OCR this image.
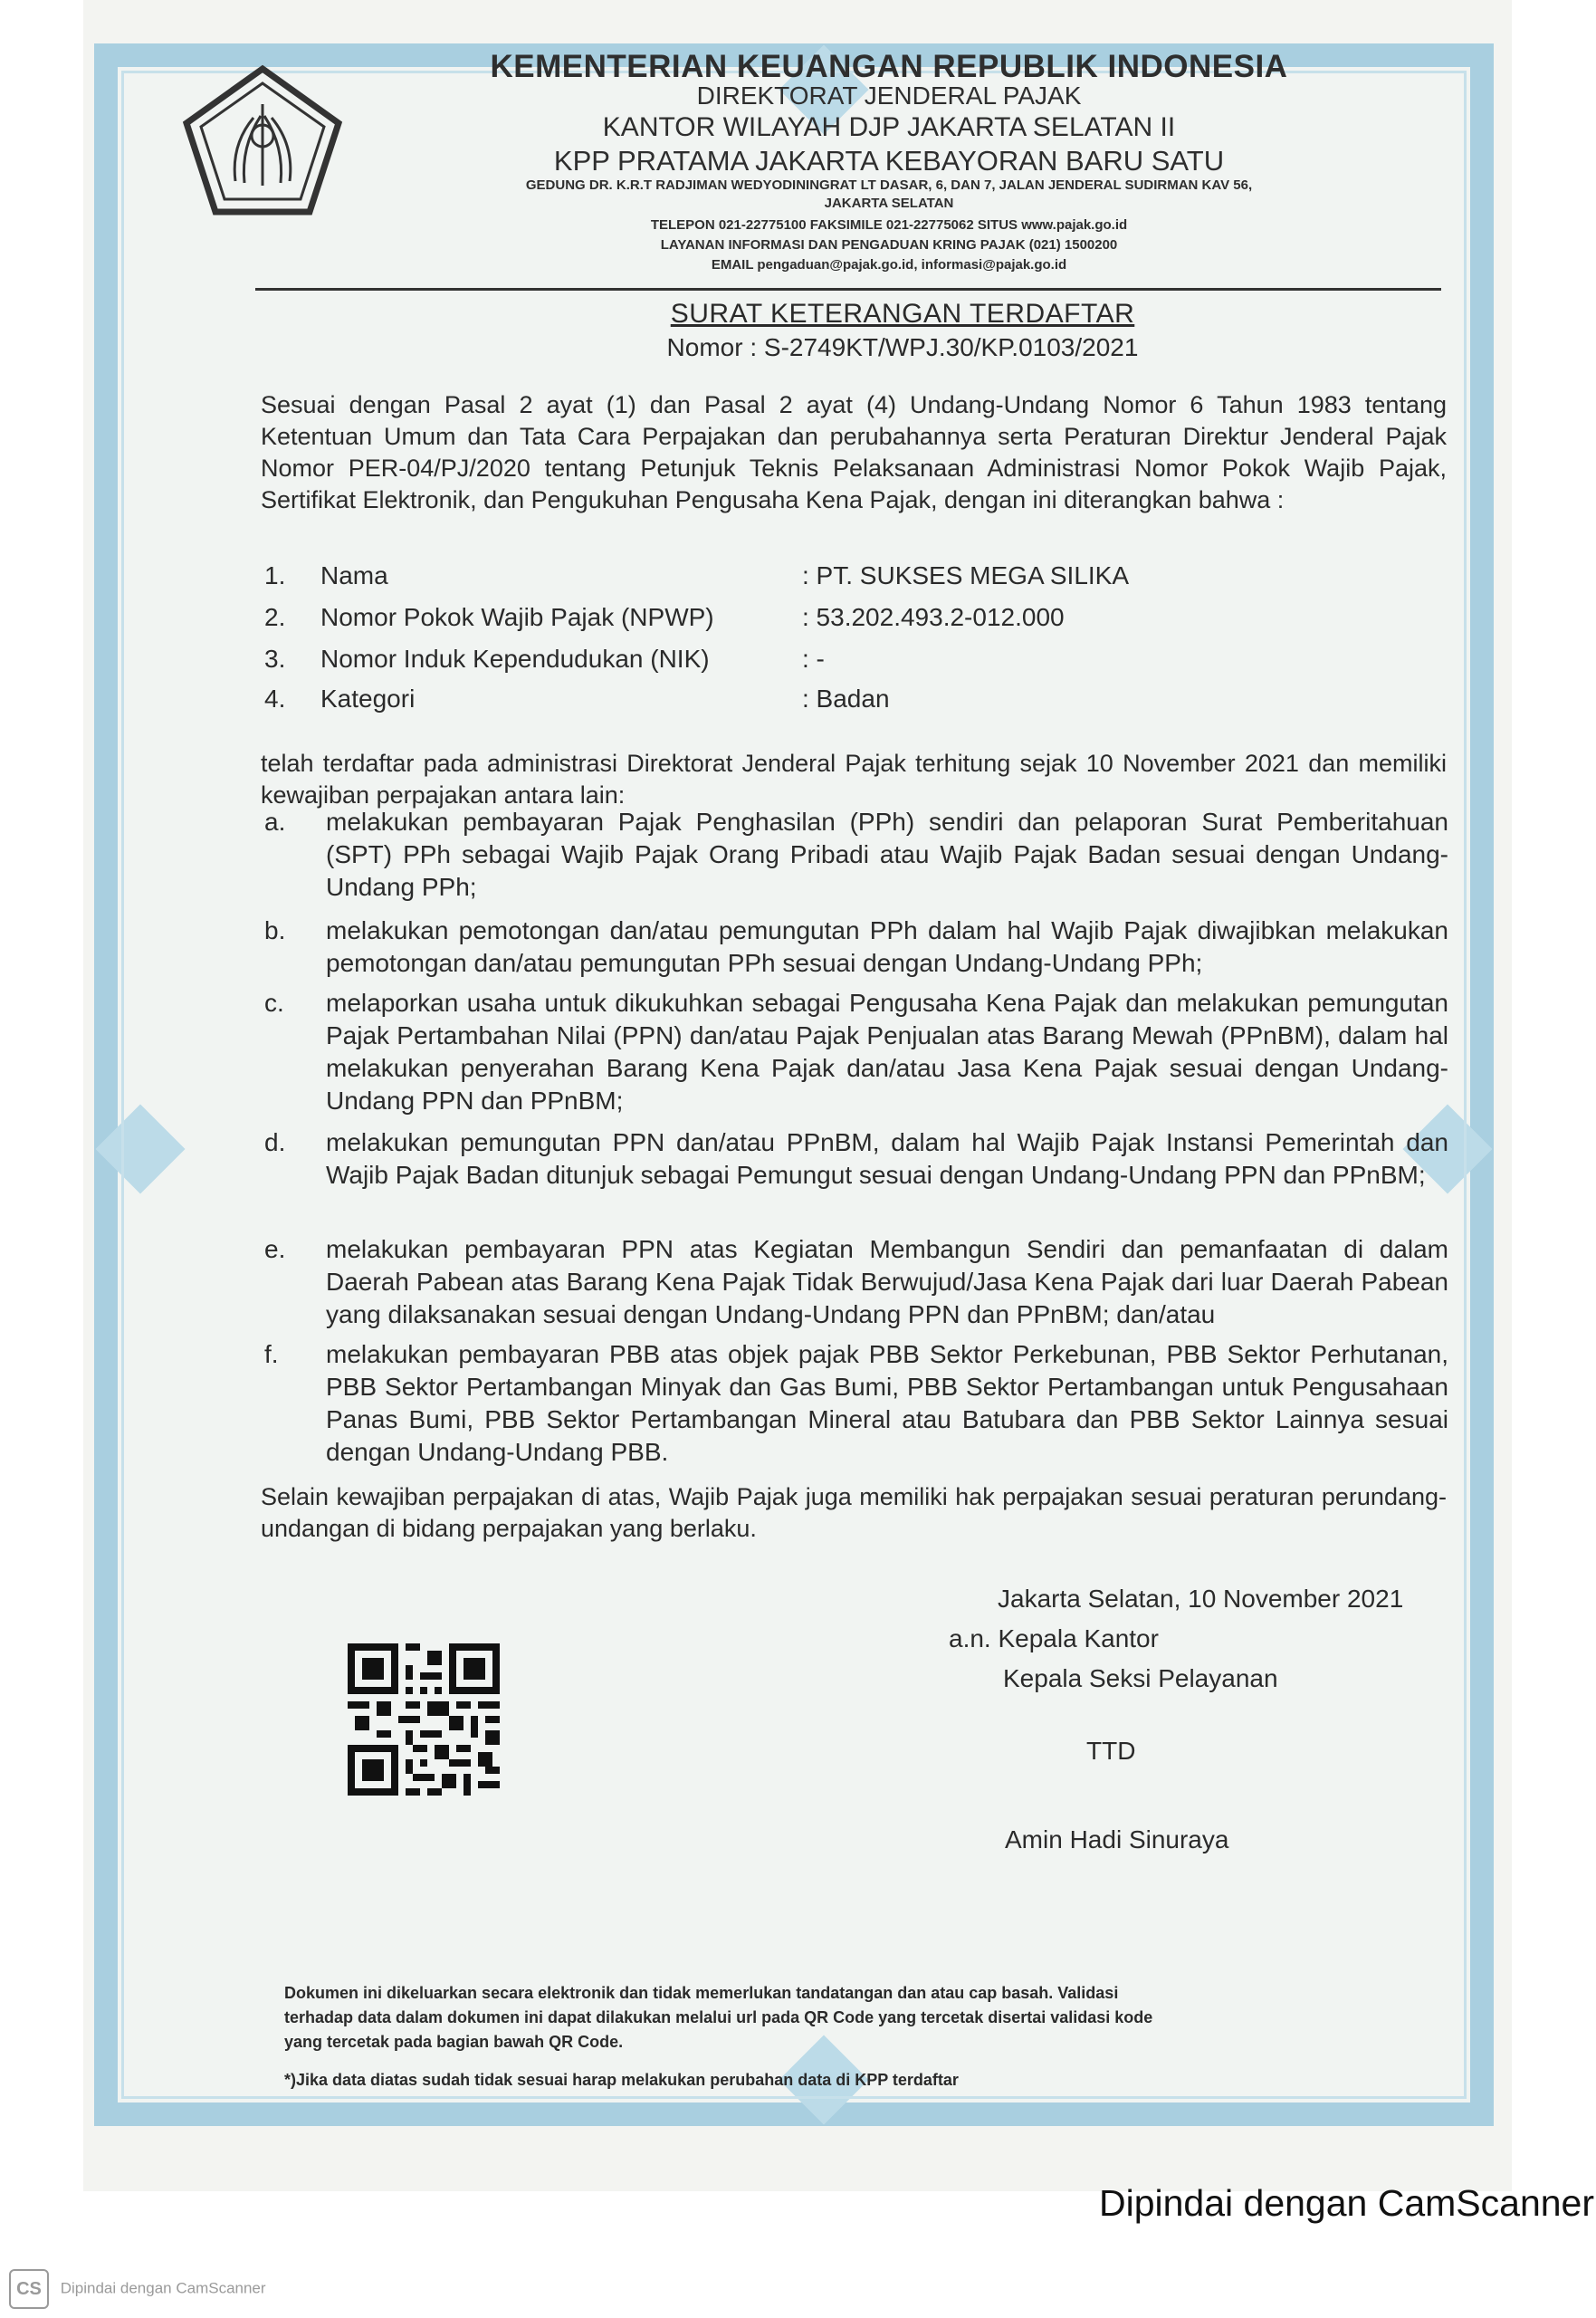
KEMENTERIAN KEUANGAN REPUBLIK INDONESIA
DIREKTORAT JENDERAL PAJAK
KANTOR WILAYAH DJP JAKARTA SELATAN II
KPP PRATAMA JAKARTA KEBAYORAN BARU SATU
GEDUNG DR. K.R.T RADJIMAN WEDYODININGRAT LT DASAR, 6, DAN 7, JALAN JENDERAL SUDIRMAN KAV 56,
JAKARTA SELATAN
TELEPON 021-22775100 FAKSIMILE 021-22775062 SITUS www.pajak.go.id
LAYANAN INFORMASI DAN PENGADUAN KRING PAJAK (021) 1500200
EMAIL pengaduan@pajak.go.id, informasi@pajak.go.id
SURAT KETERANGAN TERDAFTAR
Nomor : S-2749KT/WPJ.30/KP.0103/2021
Sesuai dengan Pasal 2 ayat (1) dan Pasal 2 ayat (4) Undang-Undang Nomor 6 Tahun 1983 tentang Ketentuan Umum dan Tata Cara Perpajakan dan perubahannya serta Peraturan Direktur Jenderal Pajak Nomor PER-04/PJ/2020 tentang Petunjuk Teknis Pelaksanaan Administrasi Nomor Pokok Wajib Pajak, Sertifikat Elektronik, dan Pengukuhan Pengusaha Kena Pajak, dengan ini diterangkan bahwa :
1. Nama	: PT. SUKSES MEGA SILIKA
2. Nomor Pokok Wajib Pajak (NPWP)	: 53.202.493.2-012.000
3. Nomor Induk Kependudukan (NIK)	: -
4. Kategori	: Badan
telah terdaftar pada administrasi Direktorat Jenderal Pajak terhitung sejak 10 November 2021 dan memiliki kewajiban perpajakan antara lain:
a. melakukan pembayaran Pajak Penghasilan (PPh) sendiri dan pelaporan Surat Pemberitahuan (SPT) PPh sebagai Wajib Pajak Orang Pribadi atau Wajib Pajak Badan sesuai dengan Undang-Undang PPh;
b. melakukan pemotongan dan/atau pemungutan PPh dalam hal Wajib Pajak diwajibkan melakukan pemotongan dan/atau pemungutan PPh sesuai dengan Undang-Undang PPh;
c. melaporkan usaha untuk dikukuhkan sebagai Pengusaha Kena Pajak dan melakukan pemungutan Pajak Pertambahan Nilai (PPN) dan/atau Pajak Penjualan atas Barang Mewah (PPnBM), dalam hal melakukan penyerahan Barang Kena Pajak dan/atau Jasa Kena Pajak sesuai dengan Undang-Undang PPN dan PPnBM;
d. melakukan pemungutan PPN dan/atau PPnBM, dalam hal Wajib Pajak Instansi Pemerintah dan Wajib Pajak Badan ditunjuk sebagai Pemungut sesuai dengan Undang-Undang PPN dan PPnBM;
e. melakukan pembayaran PPN atas Kegiatan Membangun Sendiri dan pemanfaatan di dalam Daerah Pabean atas Barang Kena Pajak Tidak Berwujud/Jasa Kena Pajak dari luar Daerah Pabean yang dilaksanakan sesuai dengan Undang-Undang PPN dan PPnBM; dan/atau
f. melakukan pembayaran PBB atas objek pajak PBB Sektor Perkebunan, PBB Sektor Perhutanan, PBB Sektor Pertambangan Minyak dan Gas Bumi, PBB Sektor Pertambangan untuk Pengusahaan Panas Bumi, PBB Sektor Pertambangan Mineral atau Batubara dan PBB Sektor Lainnya sesuai dengan Undang-Undang PBB.
Selain kewajiban perpajakan di atas, Wajib Pajak juga memiliki hak perpajakan sesuai peraturan perundang-undangan di bidang perpajakan yang berlaku.
Jakarta Selatan, 10 November 2021
a.n. Kepala Kantor
Kepala Seksi Pelayanan
TTD
Amin Hadi Sinuraya
Dokumen ini dikeluarkan secara elektronik dan tidak memerlukan tandatangan dan atau cap basah. Validasi terhadap data dalam dokumen ini dapat dilakukan melalui url pada QR Code yang tercetak disertai validasi kode yang tercetak pada bagian bawah QR Code.
*)Jika data diatas sudah tidak sesuai harap melakukan perubahan data di KPP terdaftar
Dipindai dengan CamScanner
CS Dipindai dengan CamScanner
